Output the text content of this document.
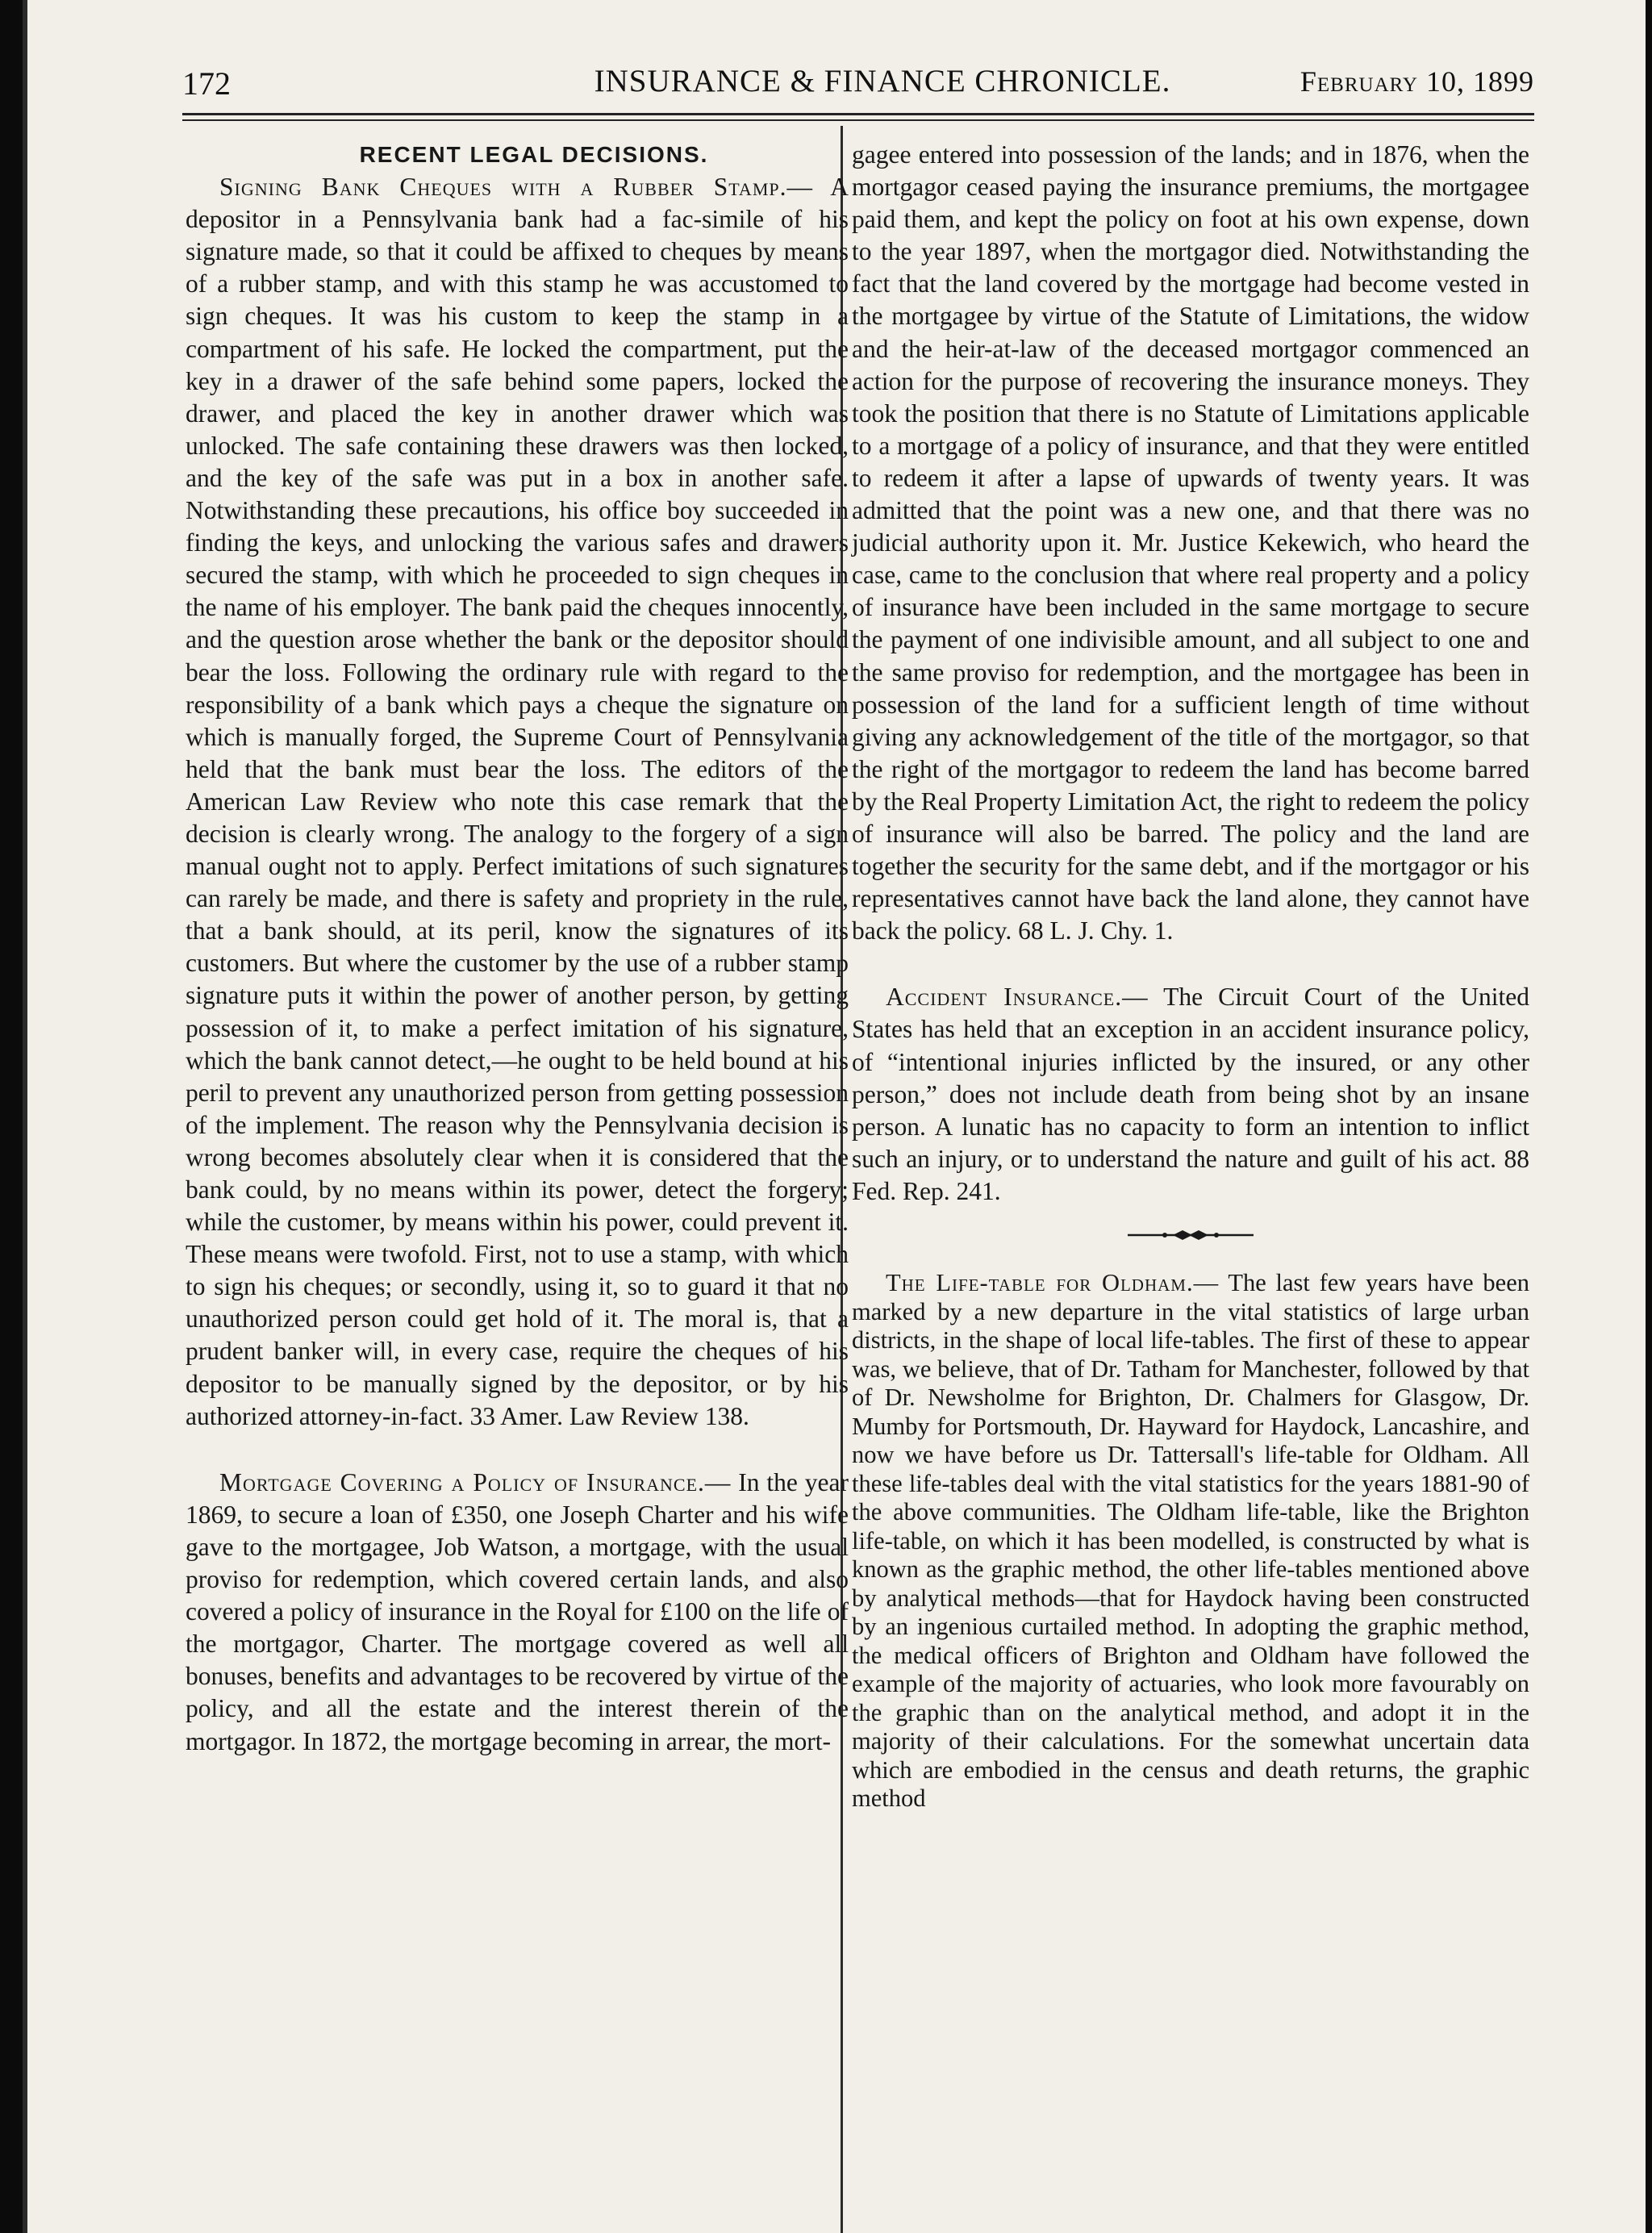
172	INSURANCE & FINANCE CHRONICLE.	February 10, 1899

RECENT LEGAL DECISIONS.

Signing Bank Cheques with a Rubber Stamp.— A depositor in a Pennsylvania bank had a fac-simile of his signature made, so that it could be affixed to cheques by means of a rubber stamp, and with this stamp he was accustomed to sign cheques. It was his custom to keep the stamp in a compartment of his safe. He locked the compartment, put the key in a drawer of the safe behind some papers, locked the drawer, and placed the key in another drawer which was unlocked. The safe containing these drawers was then locked, and the key of the safe was put in a box in another safe. Notwithstanding these precautions, his office boy succeeded in finding the keys, and unlocking the various safes and drawers secured the stamp, with which he proceeded to sign cheques in the name of his employer. The bank paid the cheques innocently, and the question arose whether the bank or the depositor should bear the loss. Following the ordinary rule with regard to the responsibility of a bank which pays a cheque the signature on which is manually forged, the Supreme Court of Pennsylvania held that the bank must bear the loss. The editors of the American Law Review who note this case remark that the decision is clearly wrong. The analogy to the forgery of a sign manual ought not to apply. Perfect imitations of such signatures can rarely be made, and there is safety and propriety in the rule, that a bank should, at its peril, know the signatures of its customers. But where the customer by the use of a rubber stamp signature puts it within the power of another person, by getting possession of it, to make a perfect imitation of his signature, which the bank cannot detect,—he ought to be held bound at his peril to prevent any unauthorized person from getting possession of the implement. The reason why the Pennsylvania decision is wrong becomes absolutely clear when it is considered that the bank could, by no means within its power, detect the forgery; while the customer, by means within his power, could prevent it. These means were twofold. First, not to use a stamp, with which to sign his cheques; or secondly, using it, so to guard it that no unauthorized person could get hold of it. The moral is, that a prudent banker will, in every case, require the cheques of his depositor to be manually signed by the depositor, or by his authorized attorney-in-fact. 33 Amer. Law Review 138.

Mortgage Covering a Policy of Insurance.— In the year 1869, to secure a loan of £350, one Joseph Charter and his wife gave to the mortgagee, Job Watson, a mortgage, with the usual proviso for redemption, which covered certain lands, and also covered a policy of insurance in the Royal for £100 on the life of the mortgagor, Charter. The mortgage covered as well all bonuses, benefits and advantages to be recovered by virtue of the policy, and all the estate and the interest therein of the mortgagor. In 1872, the mortgage becoming in arrear, the mort-

gagee entered into possession of the lands; and in 1876, when the mortgagor ceased paying the insurance premiums, the mortgagee paid them, and kept the policy on foot at his own expense, down to the year 1897, when the mortgagor died. Notwithstanding the fact that the land covered by the mortgage had become vested in the mortgagee by virtue of the Statute of Limitations, the widow and the heir-at-law of the deceased mortgagor commenced an action for the purpose of recovering the insurance moneys. They took the position that there is no Statute of Limitations applicable to a mortgage of a policy of insurance, and that they were entitled to redeem it after a lapse of upwards of twenty years. It was admitted that the point was a new one, and that there was no judicial authority upon it. Mr. Justice Kekewich, who heard the case, came to the conclusion that where real property and a policy of insurance have been included in the same mortgage to secure the payment of one indivisible amount, and all subject to one and the same proviso for redemption, and the mortgagee has been in possession of the land for a sufficient length of time without giving any acknowledgement of the title of the mortgagor, so that the right of the mortgagor to redeem the land has become barred by the Real Property Limitation Act, the right to redeem the policy of insurance will also be barred. The policy and the land are together the security for the same debt, and if the mortgagor or his representatives cannot have back the land alone, they cannot have back the policy. 68 L. J. Chy. 1.

Accident Insurance.— The Circuit Court of the United States has held that an exception in an accident insurance policy, of “intentional injuries inflicted by the insured, or any other person,” does not include death from being shot by an insane person. A lunatic has no capacity to form an intention to inflict such an injury, or to understand the nature and guilt of his act. 88 Fed. Rep. 241.

The Life-table for Oldham.— The last few years have been marked by a new departure in the vital statistics of large urban districts, in the shape of local life-tables. The first of these to appear was, we believe, that of Dr. Tatham for Manchester, followed by that of Dr. Newsholme for Brighton, Dr. Chalmers for Glasgow, Dr. Mumby for Portsmouth, Dr. Hayward for Haydock, Lancashire, and now we have before us Dr. Tattersall's life-table for Oldham. All these life-tables deal with the vital statistics for the years 1881-90 of the above communities. The Oldham life-table, like the Brighton life-table, on which it has been modelled, is constructed by what is known as the graphic method, the other life-tables mentioned above by analytical methods—that for Haydock having been constructed by an ingenious curtailed method. In adopting the graphic method, the medical officers of Brighton and Oldham have followed the example of the majority of actuaries, who look more favourably on the graphic than on the analytical method, and adopt it in the majority of their calculations. For the somewhat uncertain data which are embodied in the census and death returns, the graphic method
